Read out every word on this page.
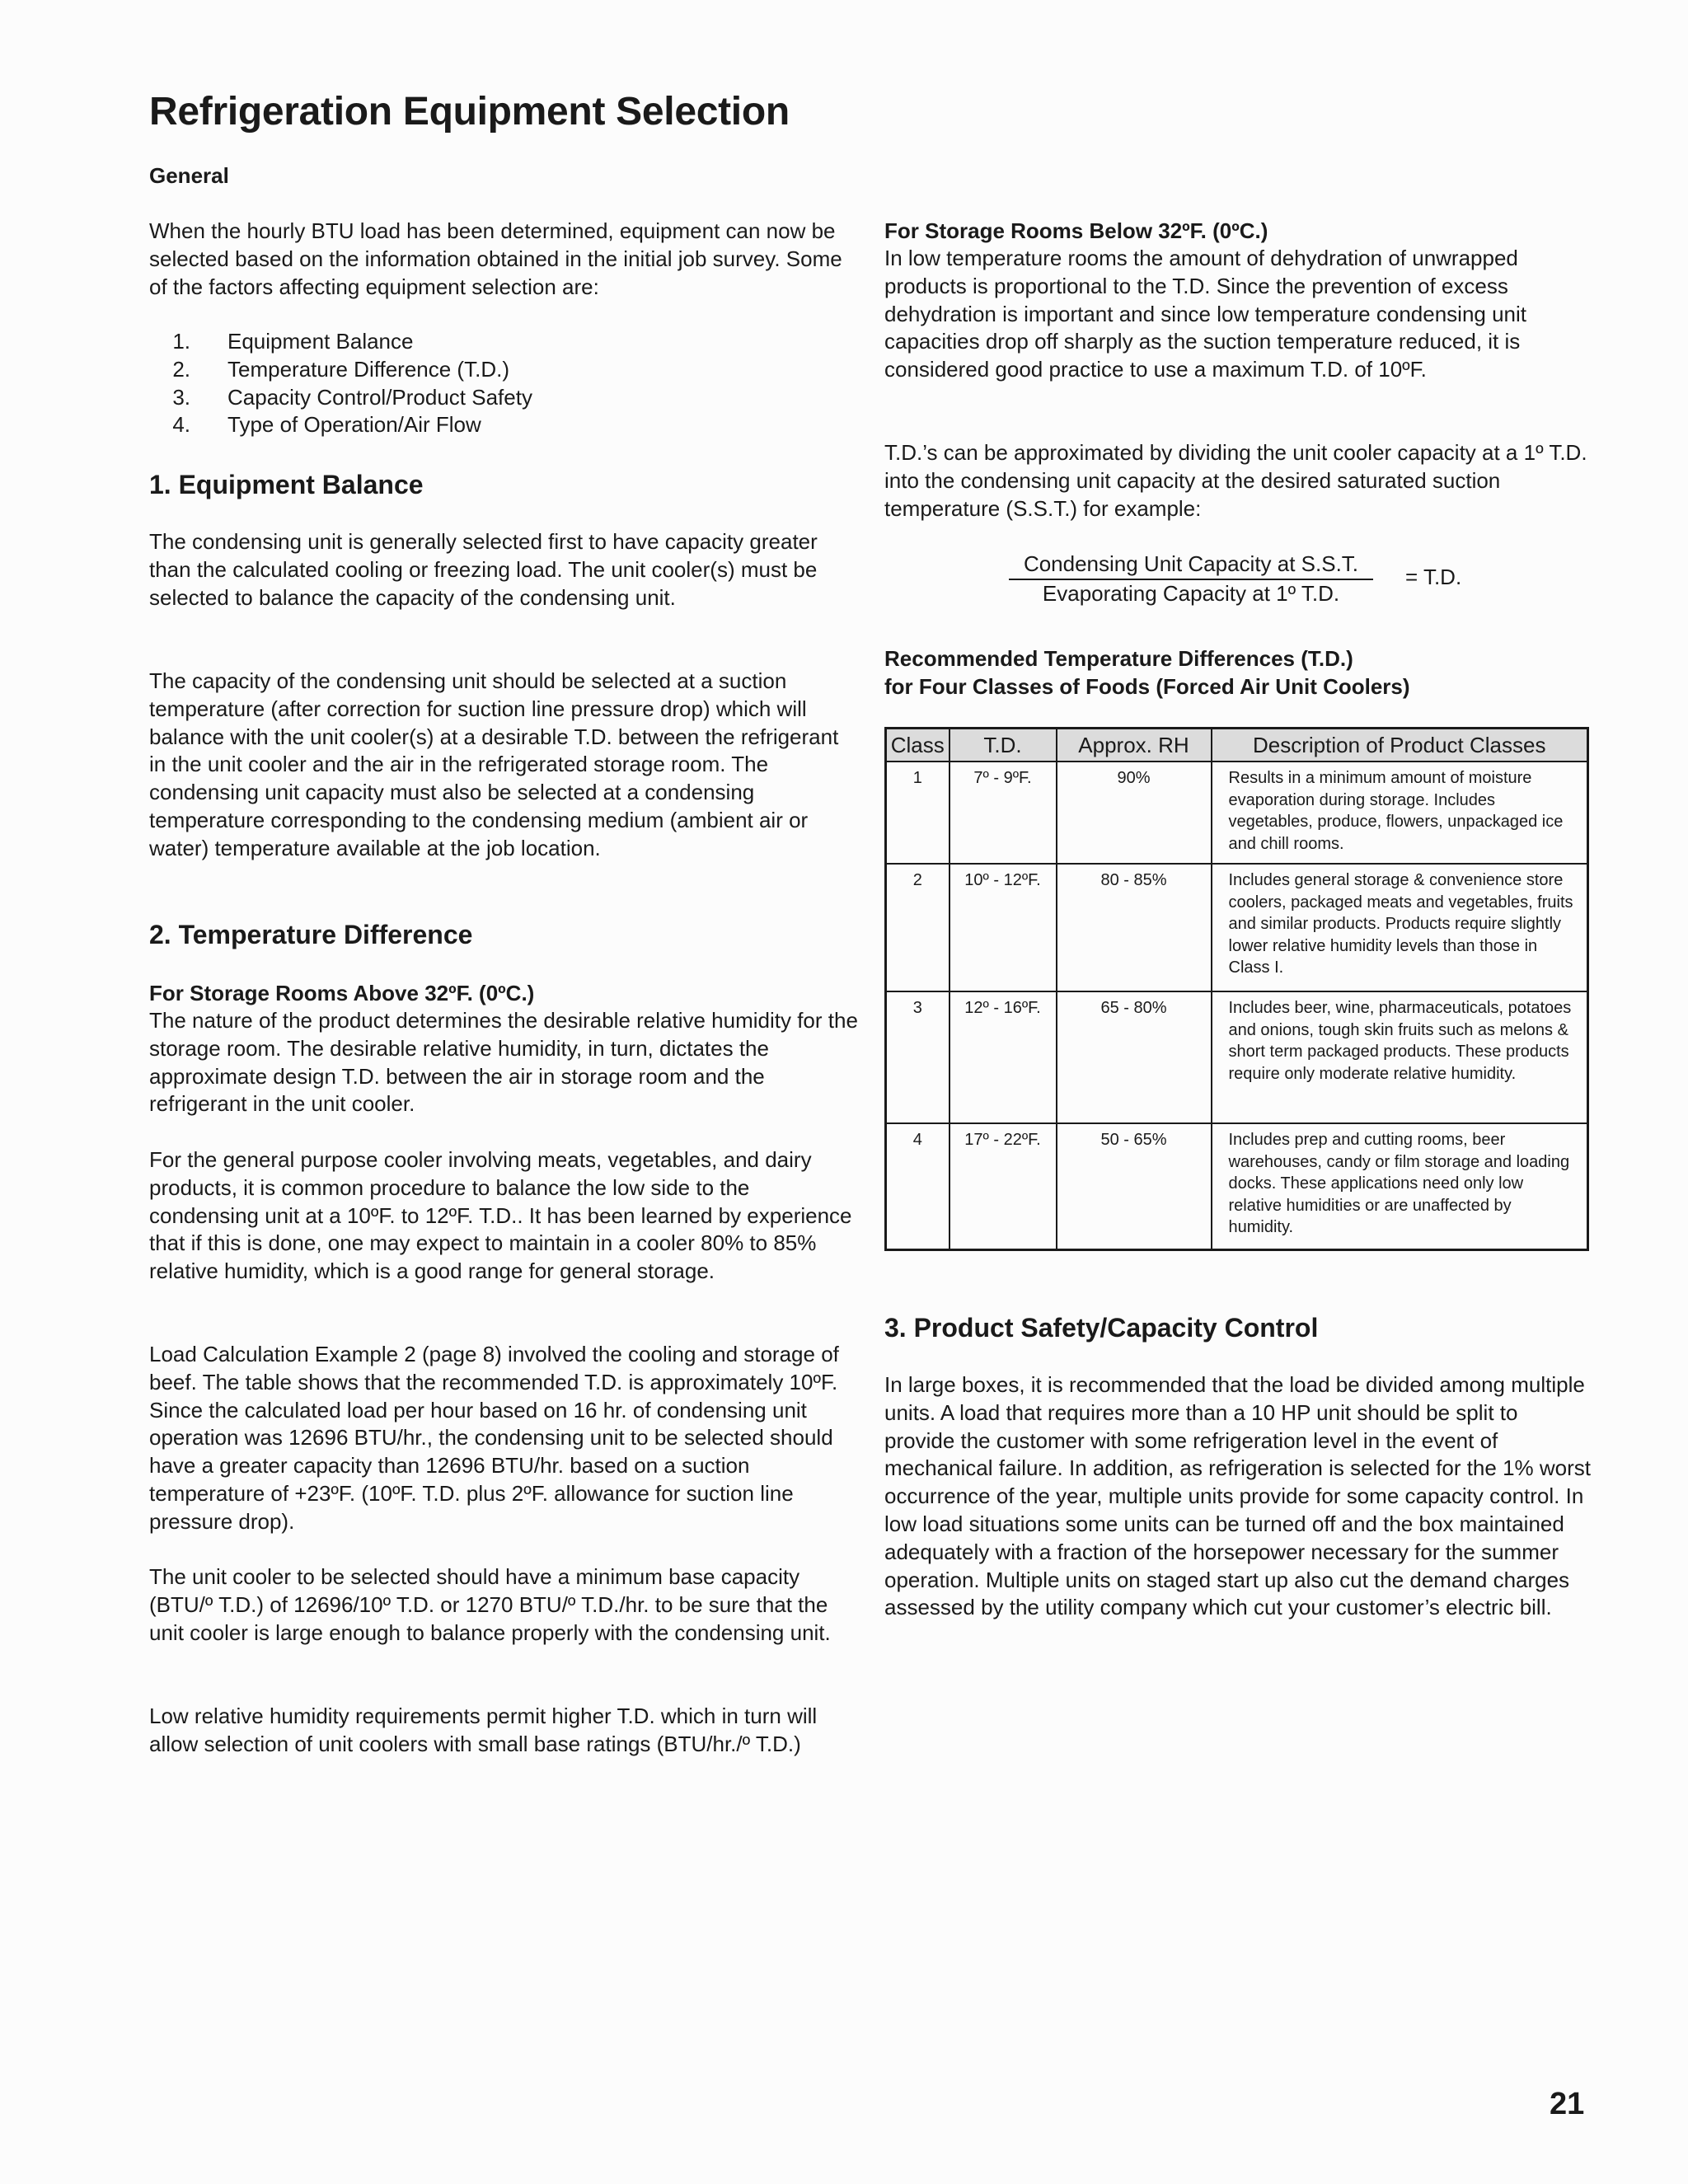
Refrigeration Equipment Selection
General

When the hourly BTU load has been determined, equipment can now be selected based on the information obtained in the initial job survey. Some of the factors affecting equipment selection are:

1.	Equipment Balance
2.	Temperature Difference (T.D.)
3.	Capacity Control/Product Safety
4.	Type of Operation/Air Flow
1. Equipment Balance

The condensing unit is generally selected first to have capacity greater than the calculated cooling or freezing load. The unit cooler(s) must be selected to balance the capacity of the condensing unit.

The capacity of the condensing unit should be selected at a suction temperature (after correction for suction line pressure drop) which will balance with the unit cooler(s) at a desirable T.D. between the refrigerant in the unit cooler and the air in the refrigerated storage room. The condensing unit capacity must also be selected at a condensing temperature corresponding to the condensing medium (ambient air or water) temperature available at the job location.

2. Temperature Difference
For Storage Rooms Above 32ºF. (0ºC.)

The nature of the product determines the desirable relative humidity for the storage room. The desirable relative humidity, in turn, dictates the approximate design T.D. between the air in storage room and the refrigerant in the unit cooler.

For the general purpose cooler involving meats, vegetables, and dairy products, it is common procedure to balance the low side to the condensing unit at a 10ºF. to 12ºF. T.D.. It has been learned by experience that if this is done, one may expect to maintain in a cooler 80% to 85% relative humidity, which is a good range for general storage.

Load Calculation Example 2 (page 8) involved the cooling and storage of beef. The table shows that the recommended T.D. is approximately 10ºF. Since the calculated load per hour based on 16 hr. of condensing unit operation was 12696 BTU/hr., the condensing unit to be selected should have a greater capacity than 12696 BTU/hr. based on a suction temperature of +23ºF. (10ºF. T.D. plus 2ºF. allowance for suction line pressure drop).

The unit cooler to be selected should have a minimum base capacity (BTU/º T.D.) of 12696/10º T.D. or 1270 BTU/º T.D./hr. to be sure that the unit cooler is large enough to balance properly with the condensing unit.

Low relative humidity requirements permit higher T.D. which in turn will allow selection of unit coolers with small base ratings (BTU/hr./º T.D.)

For Storage Rooms Below 32ºF. (0ºC.)

In low temperature rooms the amount of dehydration of unwrapped products is proportional to the T.D. Since the prevention of excess dehydration is important and since low temperature condensing unit capacities drop off sharply as the suction temperature reduced, it is considered good practice to use a maximum T.D. of 10ºF.

T.D.’s can be approximated by dividing the unit cooler capacity at a 1º T.D. into the condensing unit capacity at the desired saturated suction temperature (S.S.T.) for example:

Condensing Unit Capacity at S.S.T.
Evaporating Capacity at 1º T.D.
= T.D.
Recommended Temperature Differences (T.D.)
for Four Classes of Foods (Forced Air Unit Coolers)
Class	T.D.	Approx. RH	Description of Product Classes
1	7º - 9ºF.	90%	Results in a minimum amount of moisture evaporation during storage. Includes vegetables, produce, flowers, unpackaged ice and chill rooms.
2	10º - 12ºF.	80 - 85%	Includes general storage & convenience store coolers, packaged meats and vegetables, fruits and similar products. Products require slightly lower relative humidity levels than those in Class I.
3	12º - 16ºF.	65 - 80%	Includes beer, wine, pharmaceuticals, potatoes and onions, tough skin fruits such as melons & short term packaged products. These products require only moderate relative humidity.
4	17º - 22ºF.	50 - 65%	Includes prep and cutting rooms, beer warehouses, candy or film storage and loading docks. These applications need only low relative humidities or are unaffected by humidity.
3. Product Safety/Capacity Control

In large boxes, it is recommended that the load be divided among multiple units. A load that requires more than a 10 HP unit should be split to provide the customer with some refrigeration level in the event of mechanical failure. In addition, as refrigeration is selected for the 1% worst occurrence of the year, multiple units provide for some capacity control. In low load situations some units can be turned off and the box maintained adequately with a fraction of the horsepower necessary for the summer operation. Multiple units on staged start up also cut the demand charges assessed by the utility company which cut your customer’s electric bill.

21
